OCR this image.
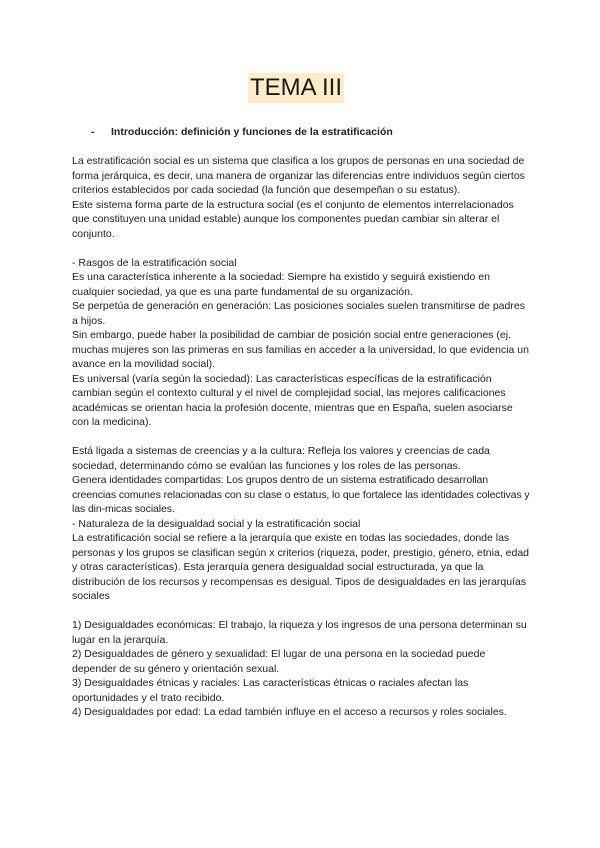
TEMA III
- Introducción: definición y funciones de la estratificación

La estratificación social es un sistema que clasifica a los grupos de personas en una sociedad de forma jerárquica, es decir, una manera de organizar las diferencias entre individuos según ciertos criterios establecidos por cada sociedad (la función que desempeñan o su estatus).

Este sistema forma parte de la estructura social (es el conjunto de elementos interrelacionados que constituyen una unidad estable) aunque los componentes puedan cambiar sin alterar el conjunto.

- Rasgos de la estratificación social

Es una característica inherente a la sociedad: Siempre ha existido y seguirá existiendo en cualquier sociedad, ya que es una parte fundamental de su organización.

Se perpetúa de generación en generación: Las posiciones sociales suelen transmitirse de padres a hijos.

Sin embargo, puede haber la posibilidad de cambiar de posición social entre generaciones (ej. muchas mujeres son las primeras en sus familias en acceder a la universidad, lo que evidencia un avance en la movilidad social).

Es universal (varía según la sociedad): Las características específicas de la estratificación cambian según el contexto cultural y el nivel de complejidad social, las mejores calificaciones académicas se orientan hacia la profesión docente, mientras que en España, suelen asociarse con la medicina).

Está ligada a sistemas de creencias y a la cultura: Refleja los valores y creencias de cada sociedad, determinando cómo se evalúan las funciones y los roles de las personas.

Genera identidades compartidas: Los grupos dentro de un sistema estratificado desarrollan creencias comunes relacionadas con su clase o estatus, lo que fortalece las identidades colectivas y las din-micas sociales.

- Naturaleza de la desigualdad social y la estratificación social

La estratificación social se refiere a la jerarquía que existe en todas las sociedades, donde las personas y los grupos se clasifican según x criterios (riqueza, poder, prestigio, género, etnia, edad y otras características). Esta jerarquía genera desigualdad social estructurada, ya que la distribución de los recursos y recompensas es desigual. Tipos de desigualdades en las jerarquías sociales

1) Desigualdades económicas: El trabajo, la riqueza y los ingresos de una persona determinan su lugar en la jerarquía.

2) Desigualdades de género y sexualidad: El lugar de una persona en la sociedad puede depender de su género y orientación sexual.

3) Desigualdades étnicas y raciales: Las características étnicas o raciales afectan las oportunidades y el trato recibido.

4) Desigualdades por edad: La edad también influye en el acceso a recursos y roles sociales.
